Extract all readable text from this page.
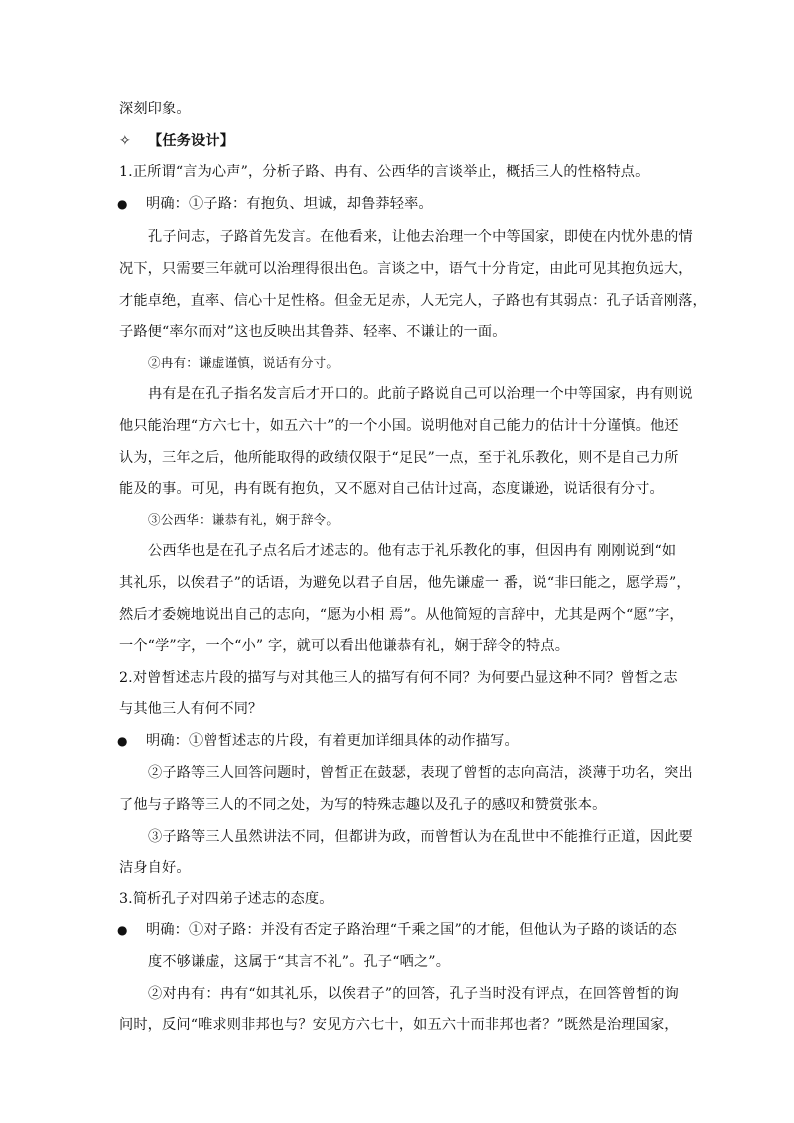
深刻印象。
✧ 【任务设计】
1.正所谓“言为心声”，分析子路、冉有、公西华的言谈举止，概括三人的性格特点。
● 明确：①子路：有抱负、坦诚，却鲁莽轻率。
孔子问志，子路首先发言。在他看来，让他去治理一个中等国家，即使在内忧外患的情
况下，只需要三年就可以治理得很出色。言谈之中，语气十分肯定，由此可见其抱负远大，
才能卓绝，直率、信心十足性格。但金无足赤，人无完人，子路也有其弱点：孔子话音刚落，
子路便“率尔而对”这也反映出其鲁莽、轻率、不谦让的一面。
②冉有：谦虚谨慎，说话有分寸。
冉有是在孔子指名发言后才开口的。此前子路说自己可以治理一个中等国家，冉有则说
他只能治理“方六七十，如五六十”的一个小国。说明他对自己能力的估计十分谨慎。他还
认为，三年之后，他所能取得的政绩仅限于“足民”一点，至于礼乐教化，则不是自己力所
能及的事。可见，冉有既有抱负，又不愿对自己估计过高，态度谦逊，说话很有分寸。
③公西华：谦恭有礼，娴于辞令。
公西华也是在孔子点名后才述志的。他有志于礼乐教化的事，但因冉有 刚刚说到“如
其礼乐，以俟君子”的话语，为避免以君子自居，他先谦虚一 番，说“非曰能之，愿学焉”，
然后才委婉地说出自己的志向，“愿为小相 焉”。从他简短的言辞中，尤其是两个“愿”字，
一个“学”字，一个“小” 字，就可以看出他谦恭有礼，娴于辞令的特点。
2.对曾皙述志片段的描写与对其他三人的描写有何不同？为何要凸显这种不同？曾皙之志
与其他三人有何不同？
● 明确：①曾皙述志的片段，有着更加详细具体的动作描写。
②子路等三人回答问题时，曾皙正在鼓瑟，表现了曾皙的志向高洁，淡薄于功名，突出
了他与子路等三人的不同之处，为写的特殊志趣以及孔子的感叹和赞赏张本。
③子路等三人虽然讲法不同，但都讲为政，而曾皙认为在乱世中不能推行正道，因此要
洁身自好。
3.简析孔子对四弟子述志的态度。
● 明确：①对子路：并没有否定子路治理“千乘之国”的才能，但他认为子路的谈话的态
度不够谦虚，这属于“其言不礼”。孔子“哂之”。
②对冉有：冉有“如其礼乐，以俟君子”的回答，孔子当时没有评点，在回答曾皙的询
问时，反问“唯求则非邦也与？安见方六七十，如五六十而非邦也者？”既然是治理国家，
